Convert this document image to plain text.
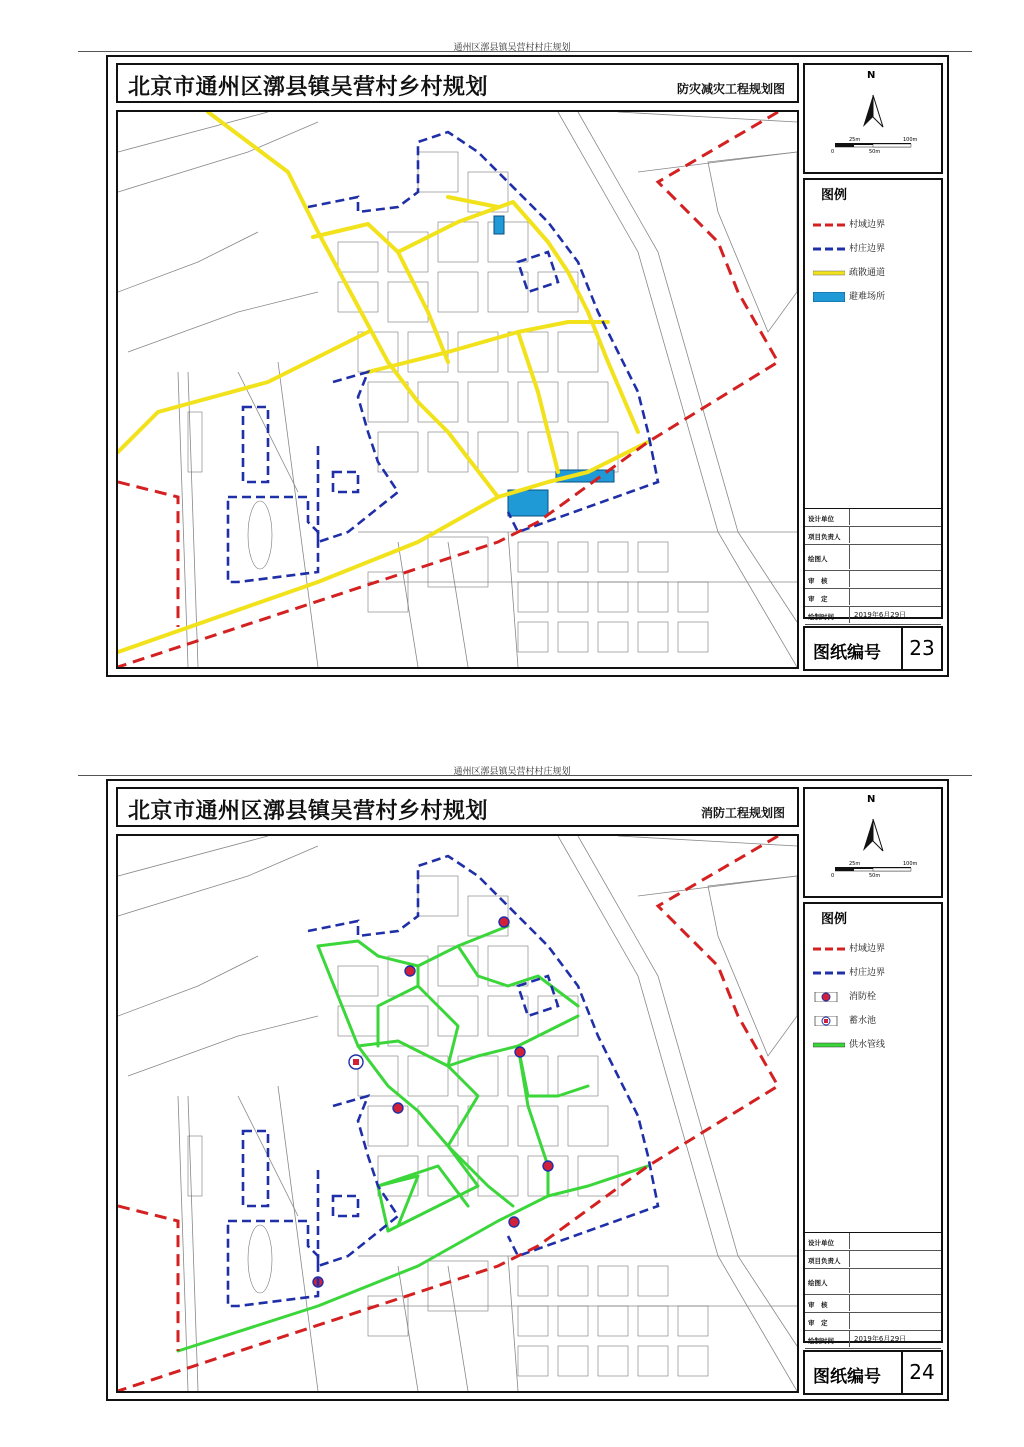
通州区漷县镇吴营村村庄规划
北京市通州区漷县镇吴营村乡村规划	防灾减灾工程规划图
N
0
25m
50m
100m
图例
村域边界
村庄边界
疏散通道
避难场所
设计单位
项目负责人
绘图人
审　核
审　定
绘制时间	2019年6月29日
图纸编号	23
通州区漷县镇吴营村村庄规划
北京市通州区漷县镇吴营村乡村规划	消防工程规划图
N
0
25m
50m
100m
图例
村域边界
村庄边界
消防栓
蓄水池
供水管线
设计单位
项目负责人
绘图人
审　核
审　定
绘制时间	2019年6月29日
图纸编号	24
